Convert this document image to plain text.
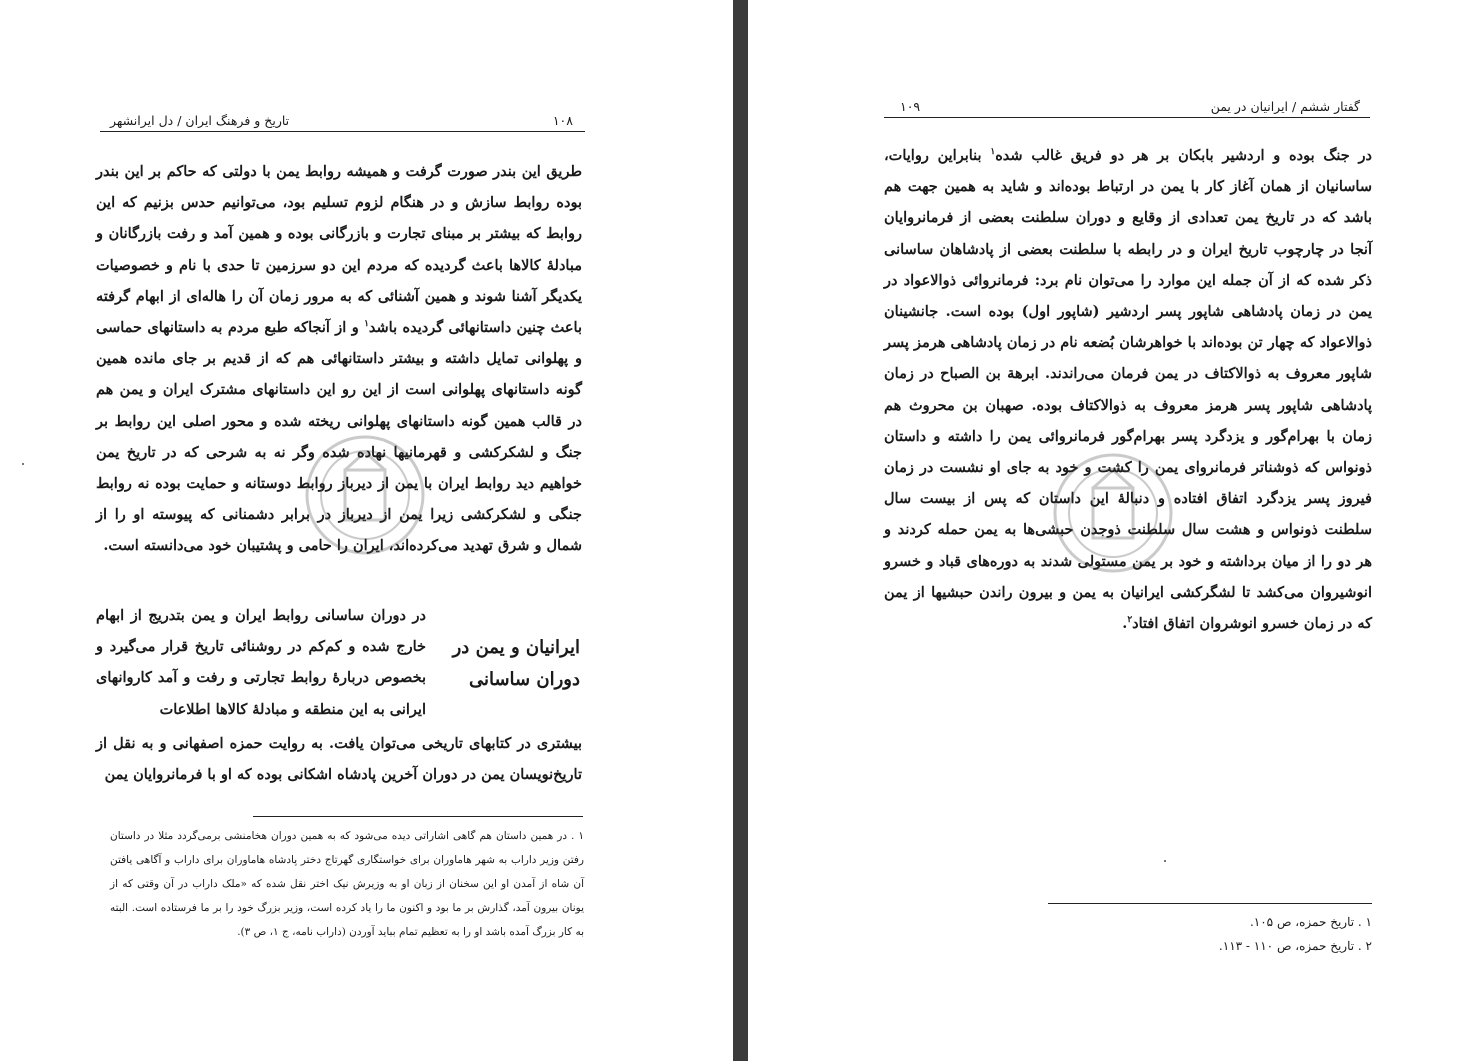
۱۰۸
تاریخ و فرهنگ ایران / دل ایرانشهر

طریق این بندر صورت گرفت و همیشه روابط یمن با دولتی که حاکم بر این بندر بوده روابط سازش و در هنگام لزوم تسلیم بود، می‌توانیم حدس بزنیم که این روابط که بیشتر بر مبنای تجارت و بازرگانی بوده و همین آمد و رفت بازرگانان و مبادلهٔ کالاها باعث گردیده که مردم این دو سرزمین تا حدی با نام و خصوصیات یکدیگر آشنا شوند و همین آشنائی که به مرور زمان آن را هاله‌ای از ابهام گرفته باعث چنین داستانهائی گردیده باشد$^۱$ و از آنجاکه طبع مردم به داستانهای حماسی و پهلوانی تمایل داشته و بیشتر داستانهائی هم که از قدیم بر جای مانده همین گونه داستانهای پهلوانی است از این رو این داستانهای مشترک ایران و یمن هم در قالب همین گونه داستانهای پهلوانی ریخته شده و محور اصلی این روابط بر جنگ و لشکرکشی و قهرمانیها نهاده شده وگر نه به شرحی که در تاریخ یمن خواهیم دید روابط ایران با یمن از دیرباز روابط دوستانه و حمایت بوده نه روابط جنگی و لشکرکشی زیرا یمن از دیرباز در برابر دشمنانی که پیوسته او را از شمال و شرق تهدید می‌کرده‌اند، ایران را حامی و پشتیبان خود می‌دانسته است.

ایرانیان و یمن در دوران ساسانی
در دوران ساسانی روابط ایران و یمن بتدریج از ابهام خارج شده و کم‌کم در روشنائی تاریخ قرار می‌گیرد و بخصوص دربارهٔ روابط تجارتی و رفت و آمد کاروانهای ایرانی به این منطقه و مبادلهٔ کالاها اطلاعات
بیشتری در کتابهای تاریخی می‌توان یافت. به روایت حمزه اصفهانی و به نقل از تاریخ‌نویسان یمن در دوران آخرین پادشاه اشکانی بوده که او با فرمانروایان یمن

۱ . در همین داستان هم گاهی اشاراتی دیده می‌شود که به همین دوران هخامنشی برمی‌گردد مثلا در داستان رفتن وزیر داراب به شهر هاماوران برای خواستگاری گهرتاج دختر پادشاه هاماوران برای داراب و آگاهی یافتن آن شاه از آمدن او این سخنان از زبان او به وزیرش نیک اختر نقل شده که «ملک داراب در آن وقتی که از یونان بیرون آمد، گذارش بر ما بود و اکنون ما را یاد کرده است، وزیر بزرگ خود را بر ما فرستاده است. البته به کار بزرگ آمده باشد او را به تعظیم تمام بباید آوردن (داراب نامه، ج ۱، ص ۳).

۱۰۹	گفتار ششم / ایرانیان در یمن

در جنگ بوده و اردشیر بابکان بر هر دو فریق غالب شده$^۱$ بنابراین روایات، ساسانیان از همان آغاز کار با یمن در ارتباط بوده‌اند و شاید به همین جهت هم باشد که در تاریخ یمن تعدادی از وقایع و دوران سلطنت بعضی از فرمانروایان آنجا در چارچوب تاریخ ایران و در رابطه با سلطنت بعضی از پادشاهان ساسانی ذکر شده که از آن جمله این موارد را می‌توان نام برد: فرمانروائی ذوالاعواد در یمن در زمان پادشاهی شاپور پسر اردشیر (شاپور اول) بوده است. جانشینان ذوالاعواد که چهار تن بوده‌اند با خواهرشان بُضعه نام در زمان پادشاهی هرمز پسر شاپور معروف به ذوالاکتاف در یمن فرمان می‌راندند. ابرهة بن الصباح در زمان پادشاهی شاپور پسر هرمز معروف به ذوالاکتاف بوده. صهبان بن محروث هم زمان با بهرام‌گور و یزدگرد پسر بهرام‌گور فرمانروائی یمن را داشته و داستان ذونواس که ذوشناتر فرمانروای یمن را کشت و خود به جای او نشست در زمان فیروز پسر یزدگرد اتفاق افتاده و دنبالهٔ این داستان که پس از بیست سال سلطنت ذونواس و هشت سال سلطنت ذوجدن حبشی‌ها به یمن حمله کردند و هر دو را از میان برداشته و خود بر یمن مستولی شدند به دوره‌های قباد و خسرو انوشیروان می‌کشد تا لشگرکشی ایرانیان به یمن و بیرون راندن حبشیها از یمن که در زمان خسرو انوشروان اتفاق افتاد$^۲$.

۱ . تاریخ حمزه، ص ۱۰۵.

۲ . تاریخ حمزه، ص ۱۱۰ - ۱۱۳.
